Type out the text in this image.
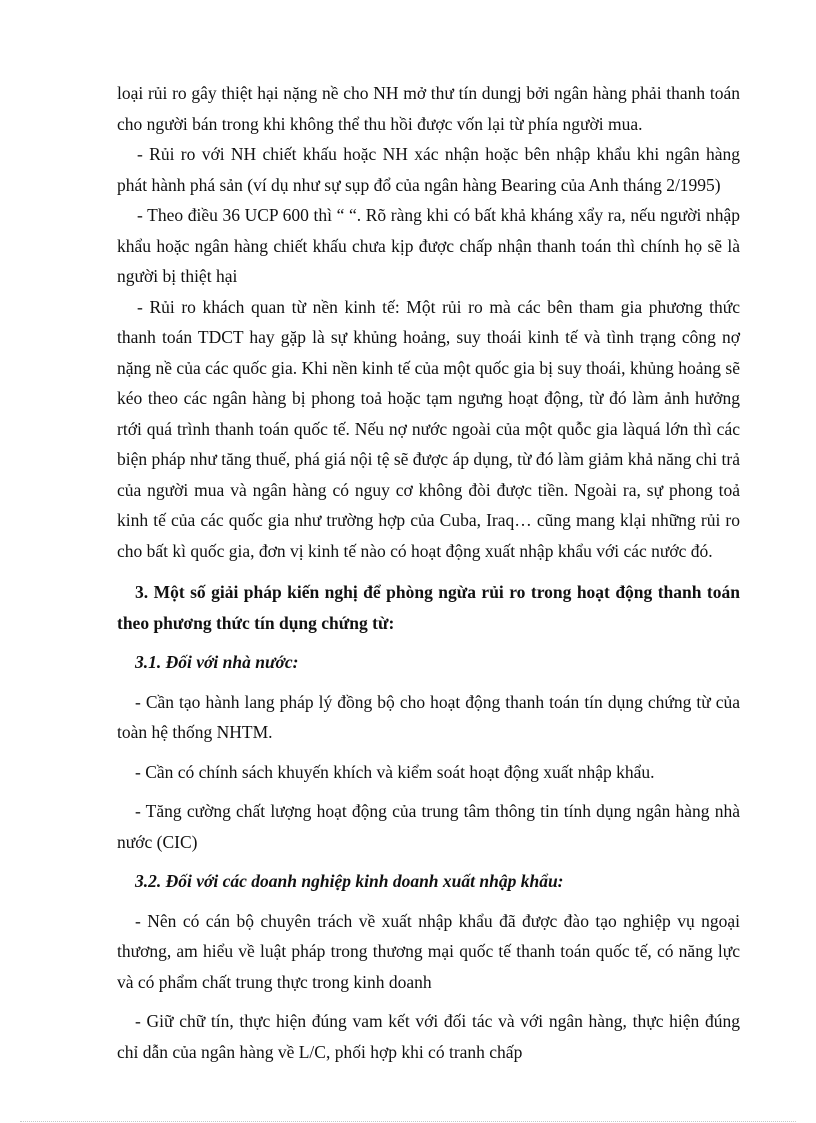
loại rủi ro gây thiệt hại nặng nề cho NH mở thư tín dungj bởi ngân hàng phải thanh toán cho người bán trong khi không thể thu hồi được vốn lại từ phía người mua.

- Rủi ro với NH chiết khấu hoặc NH xác nhận hoặc bên nhập khẩu khi ngân hàng phát hành phá sản (ví dụ như sự sụp đổ của ngân hàng Bearing của Anh tháng 2/1995)

- Theo điều 36 UCP 600 thì “ “. Rõ ràng khi có bất khả kháng xẩy ra, nếu người nhập khẩu hoặc ngân hàng chiết khấu chưa kịp được chấp nhận thanh toán thì chính họ sẽ là người bị thiệt hại

- Rủi ro khách quan từ nền kinh tế: Một rủi ro mà các bên tham gia phương thức thanh toán TDCT hay gặp là sự khủng hoảng, suy thoái kinh tế và tình trạng công nợ nặng nề của các quốc gia. Khi nền kinh tế của một quốc gia bị suy thoái, khủng hoảng sẽ kéo theo các ngân hàng bị phong toả hoặc tạm ngưng hoạt động, từ đó làm ảnh hưởng rtới quá trình thanh toán quốc tế. Nếu nợ nước ngoài của một quỗc gia làquá lớn thì các biện pháp như tăng thuế, phá giá nội tệ sẽ được áp dụng, từ đó làm giảm khả năng chi trả của người mua và ngân hàng có nguy cơ không đòi được tiền. Ngoài ra, sự phong toả kinh tế của các quốc gia như trường hợp của Cuba, Iraq… cũng mang klại những rủi ro cho bất kì quốc gia, đơn vị kinh tế nào có hoạt động xuất nhập khẩu với các nước đó.

3. Một số giải pháp kiến nghị để phòng ngừa rủi ro trong hoạt động thanh toán theo phương thức tín dụng chứng từ:

3.1. Đối với nhà nước:

- Cần tạo hành lang pháp lý đồng bộ cho hoạt động thanh toán tín dụng chứng từ của toàn hệ thống NHTM.

- Cần có chính sách khuyến khích và kiểm soát hoạt động xuất nhập khẩu.

- Tăng cường chất lượng hoạt động của trung tâm thông tin tính dụng ngân hàng nhà nước (CIC)

3.2. Đối với các doanh nghiệp kinh doanh xuất nhập khẩu:

- Nên có cán bộ chuyên trách về xuất nhập khẩu đã được đào tạo nghiệp vụ ngoại thương, am hiểu về luật pháp trong thương mại quốc tế thanh toán quốc tế, có năng lực và có phẩm chất trung thực trong kinh doanh

- Giữ chữ tín, thực hiện đúng vam kết với đối tác và với ngân hàng, thực hiện đúng chỉ dẫn của ngân hàng về L/C, phối hợp khi có tranh chấp
